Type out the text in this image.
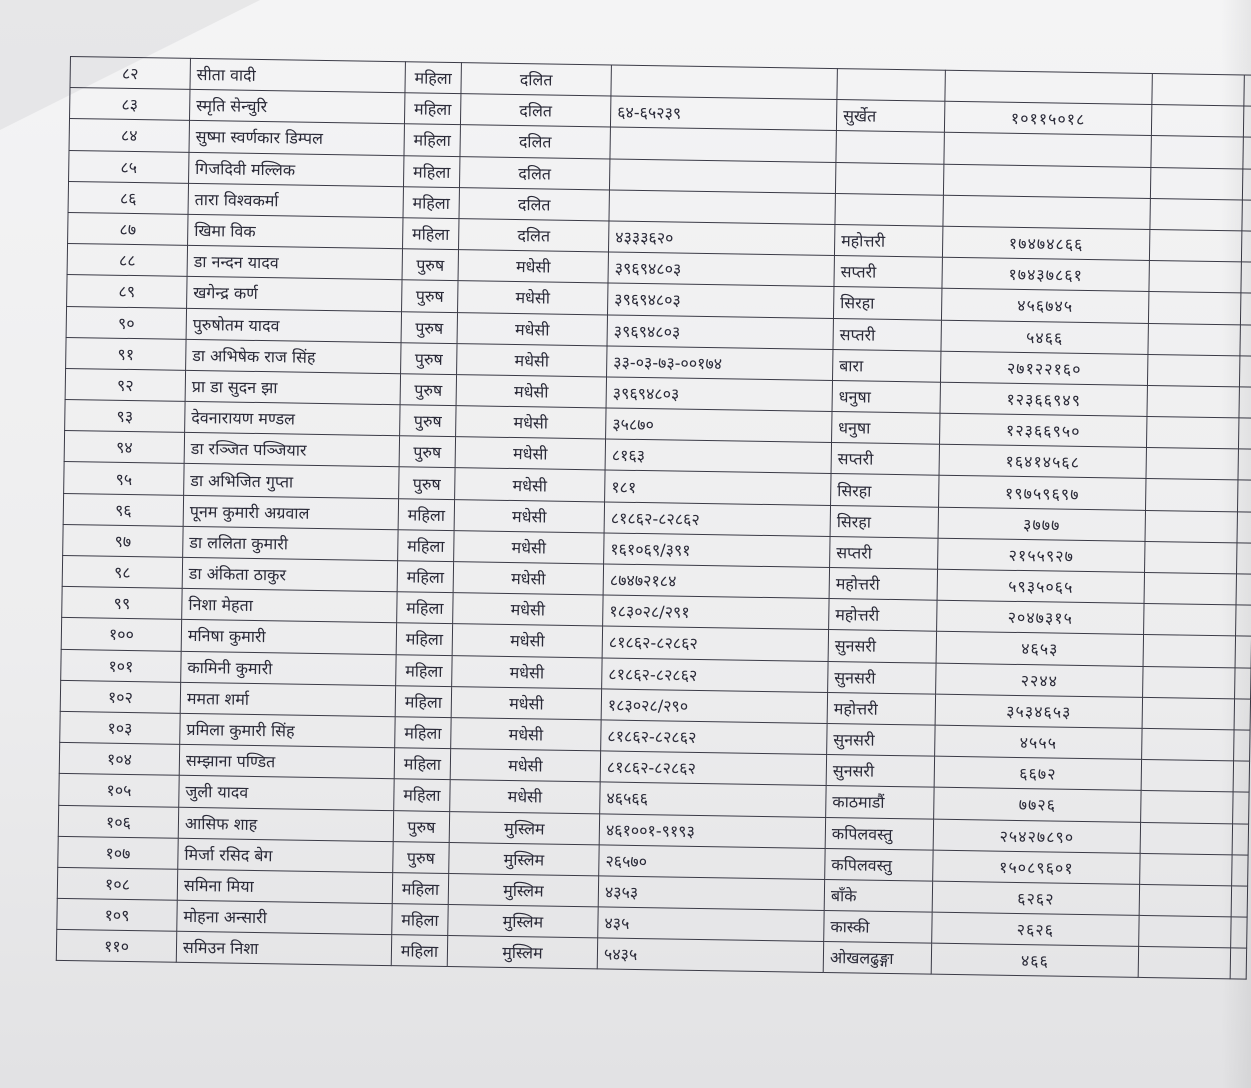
८२	सीता वादी	महिला	दलित					
८३	स्मृति सेन्चुरि	महिला	दलित	६४-६५२३९	सुर्खेत	१०११५०१८		
८४	सुष्मा स्वर्णकार डिम्पल	महिला	दलित					
८५	गिजदिवी मल्लिक	महिला	दलित					
८६	तारा विश्वकर्मा	महिला	दलित					
८७	खिमा विक	महिला	दलित	४३३३६२०	महोत्तरी	१७४७४८६६		
८८	डा नन्दन यादव	पुरुष	मधेसी	३९६९४८०३	सप्तरी	१७४३७८६१		
८९	खगेन्द्र कर्ण	पुरुष	मधेसी	३९६९४८०३	सिरहा	४५६७४५		
९०	पुरुषोतम यादव	पुरुष	मधेसी	३९६९४८०३	सप्तरी	५४६६		
९१	डा अभिषेक राज सिंह	पुरुष	मधेसी	३३-०३-७३-००१७४	बारा	२७१२२१६०		
९२	प्रा डा सुदन झा	पुरुष	मधेसी	३९६९४८०३	धनुषा	१२३६६९४९		
९३	देवनारायण मण्डल	पुरुष	मधेसी	३५८७०	धनुषा	१२३६६९५०		
९४	डा रञ्जित पञ्जियार	पुरुष	मधेसी	८१६३	सप्तरी	१६४१४५६८		
९५	डा अभिजित गुप्ता	पुरुष	मधेसी	१८१	सिरहा	१९७५९६९७		
९६	पूनम कुमारी अग्रवाल	महिला	मधेसी	८१८६२-८२८६२	सिरहा	३७७७		
९७	डा ललिता कुमारी	महिला	मधेसी	१६१०६९/३९१	सप्तरी	२१५५९२७		
९८	डा अंकिता ठाकुर	महिला	मधेसी	८७४७२१८४	महोत्तरी	५९३५०६५		
९९	निशा मेहता	महिला	मधेसी	१८३०२८/२९१	महोत्तरी	२०४७३१५		
१००	मनिषा कुमारी	महिला	मधेसी	८१८६२-८२८६२	सुनसरी	४६५३		
१०१	कामिनी कुमारी	महिला	मधेसी	८१८६२-८२८६२	सुनसरी	२२४४		
१०२	ममता शर्मा	महिला	मधेसी	१८३०२८/२९०	महोत्तरी	३५३४६५३		
१०३	प्रमिला कुमारी सिंह	महिला	मधेसी	८१८६२-८२८६२	सुनसरी	४५५५		
१०४	सम्झाना पण्डित	महिला	मधेसी	८१८६२-८२८६२	सुनसरी	६६७२		
१०५	जुली यादव	महिला	मधेसी	४६५६६	काठमाडौं	७७२६		
१०६	आसिफ शाह	पुरुष	मुस्लिम	४६१००१-९१९३	कपिलवस्तु	२५४२७८९०		
१०७	मिर्जा रसिद बेग	पुरुष	मुस्लिम	२६५७०	कपिलवस्तु	१५०८९६०१		
१०८	समिना मिया	महिला	मुस्लिम	४३५३	बाँके	६२६२		
१०९	मोहना अन्सारी	महिला	मुस्लिम	४३५	कास्की	२६२६		
११०	समिउन निशा	महिला	मुस्लिम	५४३५	ओखलढुङ्गा	४६६		
